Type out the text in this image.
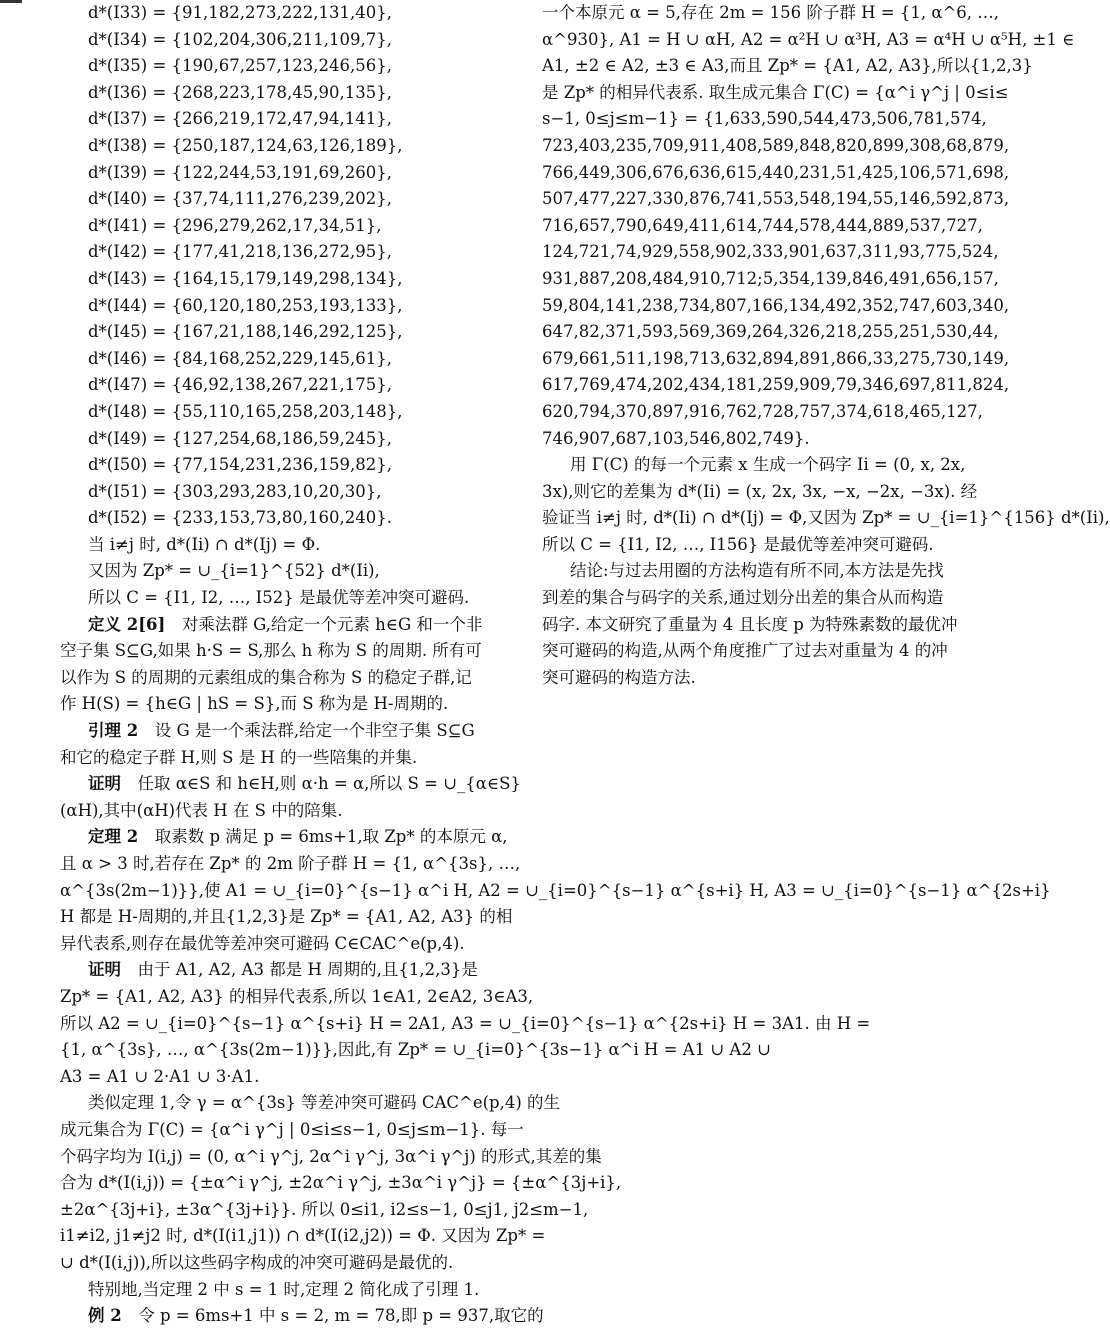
d*(I33) = {91,182,273,222,131,40},
d*(I34) = {102,204,306,211,109,7},
d*(I35) = {190,67,257,123,246,56},
d*(I36) = {268,223,178,45,90,135},
d*(I37) = {266,219,172,47,94,141},
d*(I38) = {250,187,124,63,126,189},
d*(I39) = {122,244,53,191,69,260},
d*(I40) = {37,74,111,276,239,202},
d*(I41) = {296,279,262,17,34,51},
d*(I42) = {177,41,218,136,272,95},
d*(I43) = {164,15,179,149,298,134},
d*(I44) = {60,120,180,253,193,133},
d*(I45) = {167,21,188,146,292,125},
d*(I46) = {84,168,252,229,145,61},
d*(I47) = {46,92,138,267,221,175},
d*(I48) = {55,110,165,258,203,148},
d*(I49) = {127,254,68,186,59,245},
d*(I50) = {77,154,231,236,159,82},
d*(I51) = {303,293,283,10,20,30},
d*(I52) = {233,153,73,80,160,240}.
当 i≠j 时, d*(Ii) ∩ d*(Ij) = Φ.
又因为 Zp* = ∪_{i=1}^{52} d*(Ii),
所以 C = {I1, I2, …, I52} 是最优等差冲突可避码.
定义 2[6]　 对乘法群 G,给定一个元素 h∈G 和一个非
空子集 S⊆G,如果 h·S = S,那么 h 称为 S 的周期. 所有可
以作为 S 的周期的元素组成的集合称为 S 的稳定子群,记
作 H(S) = {h∈G | hS = S},而 S 称为是 H-周期的.
引理 2　 设 G 是一个乘法群,给定一个非空子集 S⊆G
和它的稳定子群 H,则 S 是 H 的一些陪集的并集.
证明　 任取 α∈S 和 h∈H,则 α·h = α,所以 S = ∪_{α∈S}
(αH),其中(αH)代表 H 在 S 中的陪集.
定理 2　 取素数 p 满足 p = 6ms+1,取 Zp* 的本原元 α,
且 α > 3 时,若存在 Zp* 的 2m 阶子群 H = {1, α^{3s}, …,
α^{3s(2m−1)}},使 A1 = ∪_{i=0}^{s−1} α^i H, A2 = ∪_{i=0}^{s−1} α^{s+i} H, A3 = ∪_{i=0}^{s−1} α^{2s+i}
H 都是 H-周期的,并且{1,2,3}是 Zp* = {A1, A2, A3} 的相
异代表系,则存在最优等差冲突可避码 C∈CAC^e(p,4).
证明　 由于 A1, A2, A3 都是 H 周期的,且{1,2,3}是
Zp* = {A1, A2, A3} 的相异代表系,所以 1∈A1, 2∈A2, 3∈A3,
所以 A2 = ∪_{i=0}^{s−1} α^{s+i} H = 2A1, A3 = ∪_{i=0}^{s−1} α^{2s+i} H = 3A1. 由 H =
{1, α^{3s}, …, α^{3s(2m−1)}},因此,有 Zp* = ∪_{i=0}^{3s−1} α^i H = A1 ∪ A2 ∪
A3 = A1 ∪ 2·A1 ∪ 3·A1.
类似定理 1,令 γ = α^{3s} 等差冲突可避码 CAC^e(p,4) 的生
成元集合为 Γ(C) = {α^i γ^j | 0≤i≤s−1, 0≤j≤m−1}. 每一
个码字均为 I(i,j) = (0, α^i γ^j, 2α^i γ^j, 3α^i γ^j) 的形式,其差的集
合为 d*(I(i,j)) = {±α^i γ^j, ±2α^i γ^j, ±3α^i γ^j} = {±α^{3j+i},
±2α^{3j+i}, ±3α^{3j+i}}. 所以 0≤i1, i2≤s−1, 0≤j1, j2≤m−1,
i1≠i2, j1≠j2 时, d*(I(i1,j1)) ∩ d*(I(i2,j2)) = Φ. 又因为 Zp* =
∪ d*(I(i,j)),所以这些码字构成的冲突可避码是最优的.
特别地,当定理 2 中 s = 1 时,定理 2 简化成了引理 1.
例 2　 令 p = 6ms+1 中 s = 2, m = 78,即 p = 937,取它的
一个本原元 α = 5,存在 2m = 156 阶子群 H = {1, α^6, …,
α^930}, A1 = H ∪ αH, A2 = α²H ∪ α³H, A3 = α⁴H ∪ α⁵H, ±1 ∈
A1, ±2 ∈ A2, ±3 ∈ A3,而且 Zp* = {A1, A2, A3},所以{1,2,3}
是 Zp* 的相异代表系. 取生成元集合 Γ(C) = {α^i γ^j | 0≤i≤
s−1, 0≤j≤m−1} = {1,633,590,544,473,506,781,574,
723,403,235,709,911,408,589,848,820,899,308,68,879,
766,449,306,676,636,615,440,231,51,425,106,571,698,
507,477,227,330,876,741,553,548,194,55,146,592,873,
716,657,790,649,411,614,744,578,444,889,537,727,
124,721,74,929,558,902,333,901,637,311,93,775,524,
931,887,208,484,910,712;5,354,139,846,491,656,157,
59,804,141,238,734,807,166,134,492,352,747,603,340,
647,82,371,593,569,369,264,326,218,255,251,530,44,
679,661,511,198,713,632,894,891,866,33,275,730,149,
617,769,474,202,434,181,259,909,79,346,697,811,824,
620,794,370,897,916,762,728,757,374,618,465,127,
746,907,687,103,546,802,749}.
用 Γ(C) 的每一个元素 x 生成一个码字 Ii = (0, x, 2x,
3x),则它的差集为 d*(Ii) = (x, 2x, 3x, −x, −2x, −3x). 经
验证当 i≠j 时, d*(Ii) ∩ d*(Ij) = Φ,又因为 Zp* = ∪_{i=1}^{156} d*(Ii),
所以 C = {I1, I2, …, I156} 是最优等差冲突可避码.
结论:与过去用圈的方法构造有所不同,本方法是先找
到差的集合与码字的关系,通过划分出差的集合从而构造
码字. 本文研究了重量为 4 且长度 p 为特殊素数的最优冲
突可避码的构造,从两个角度推广了过去对重量为 4 的冲
突可避码的构造方法.
